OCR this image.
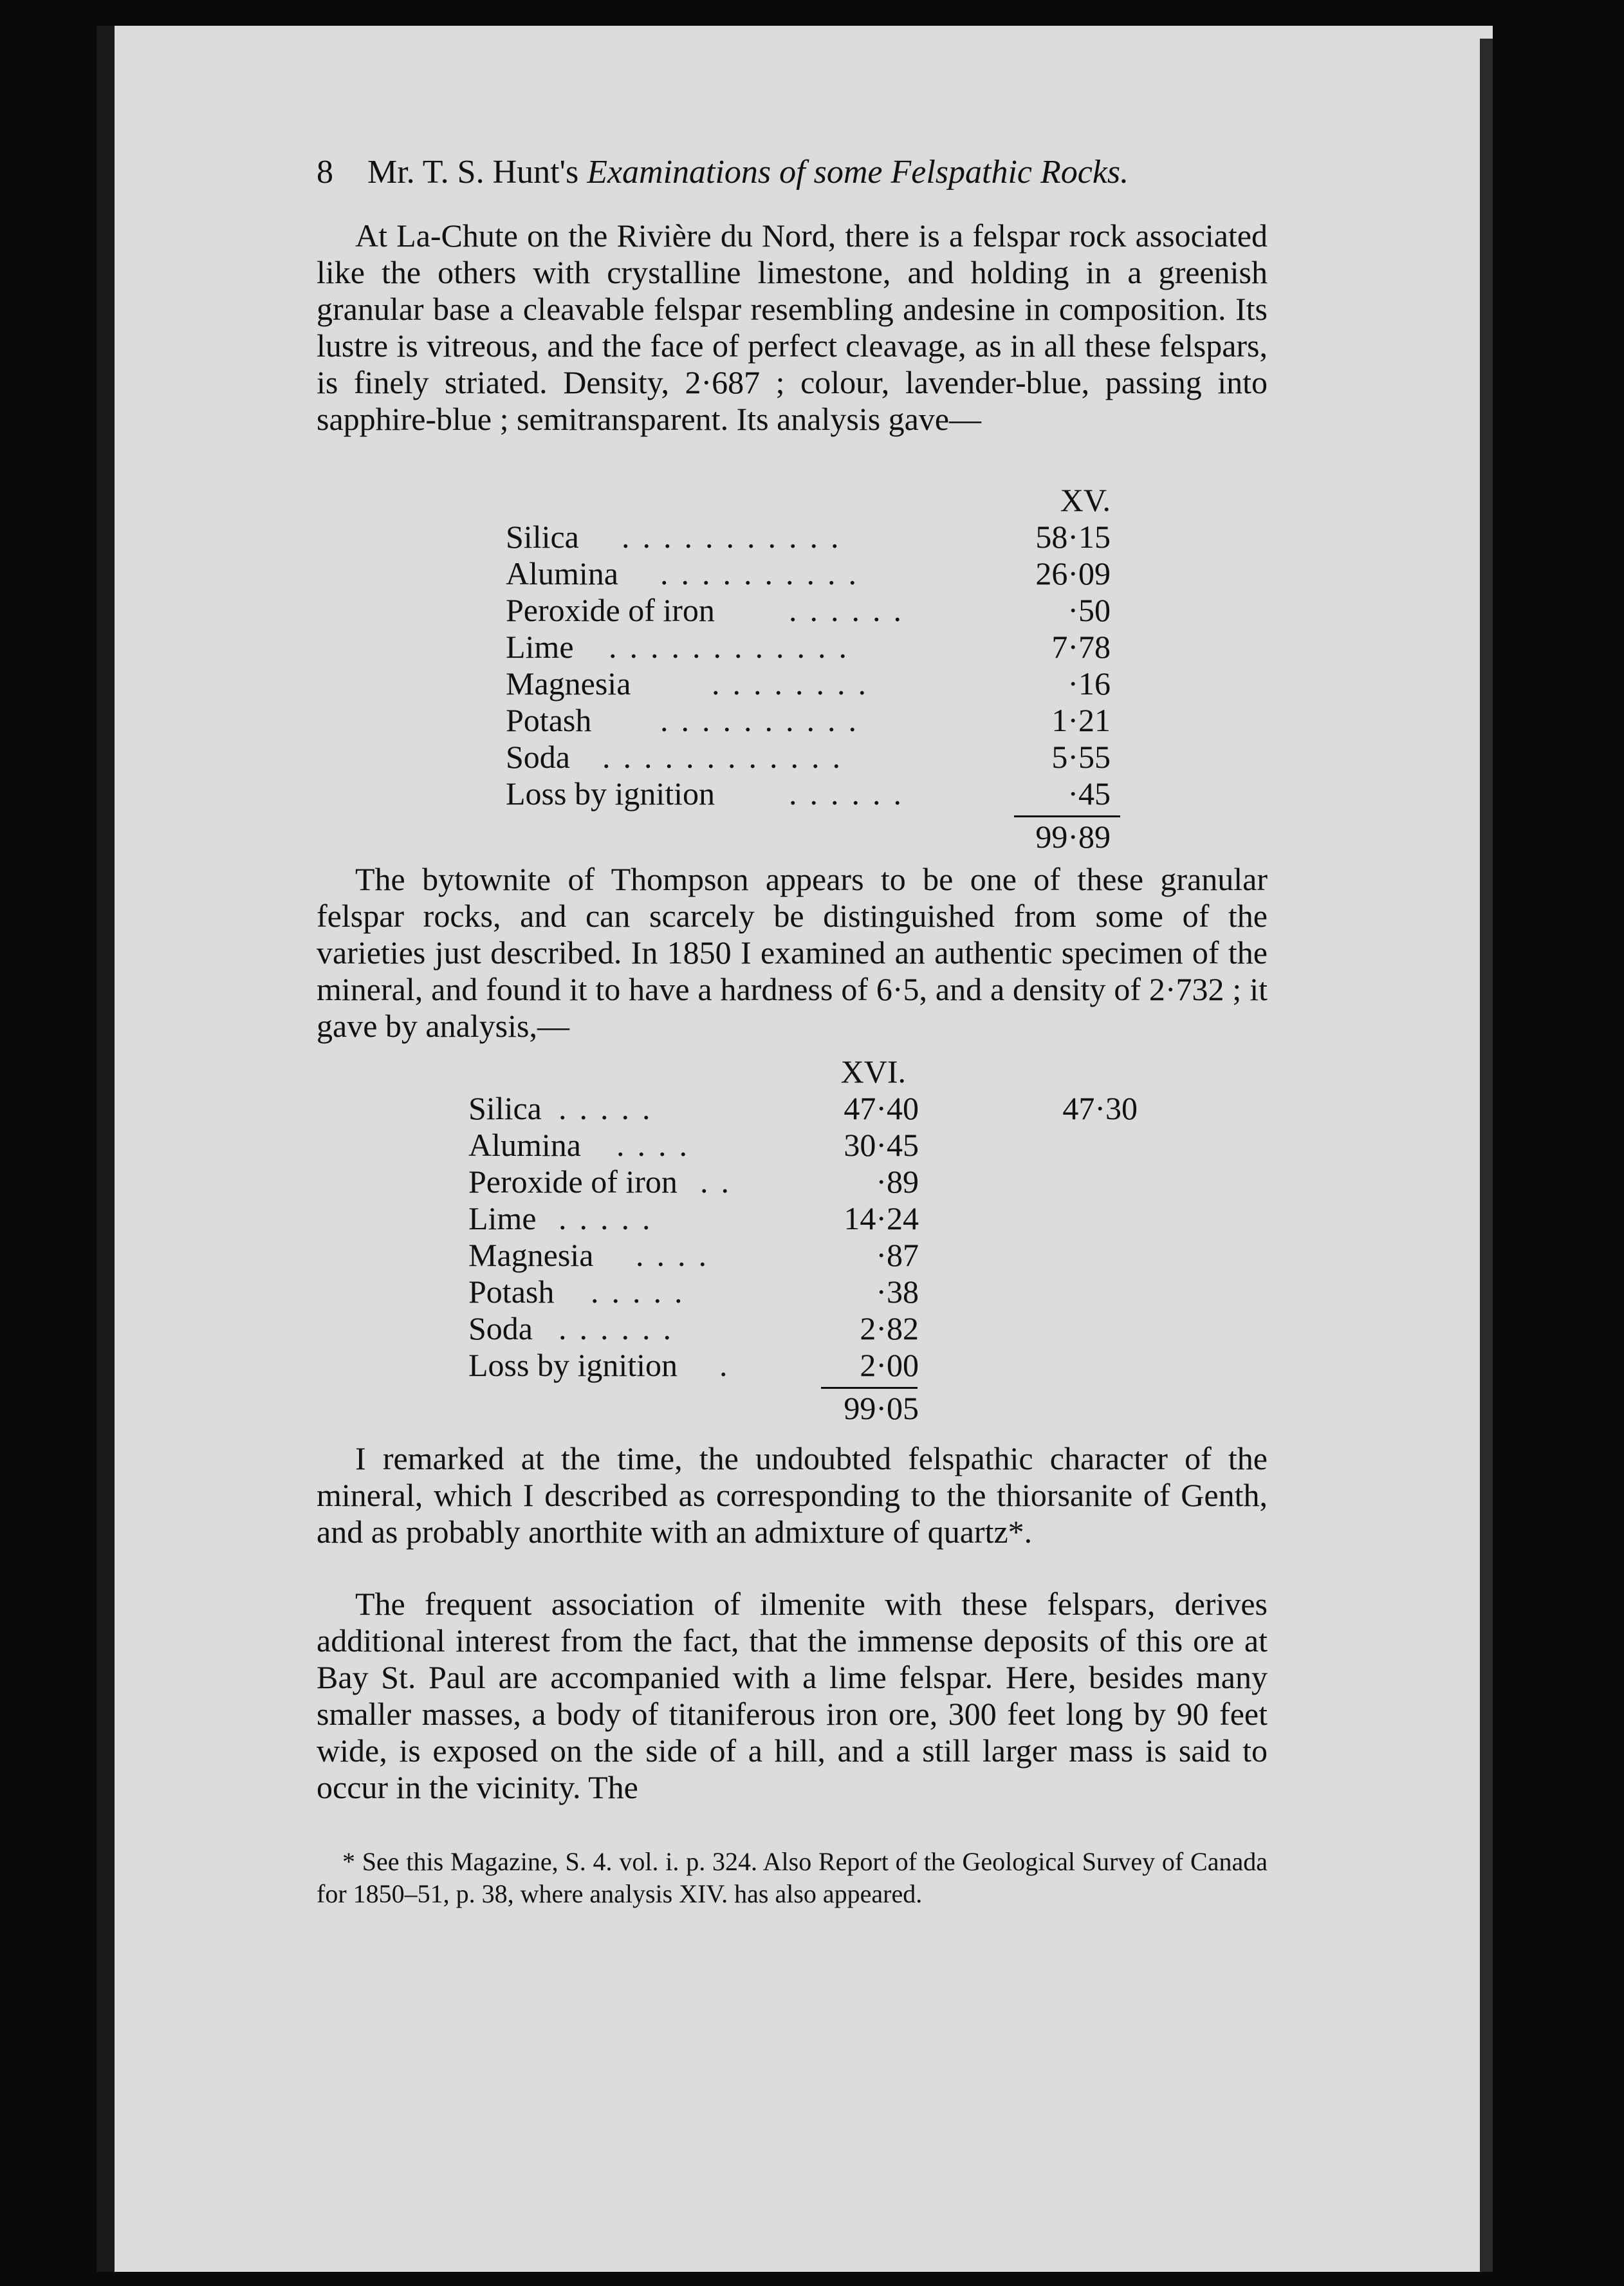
8 Mr. T. S. Hunt's Examinations of some Felspathic Rocks.

At La-Chute on the Rivière du Nord, there is a felspar rock associated like the others with crystalline limestone, and holding in a greenish granular base a cleavable felspar resembling andesine in composition. Its lustre is vitreous, and the face of perfect cleavage, as in all these felspars, is finely striated. Density, 2·687 ; colour, lavender-blue, passing into sapphire-blue ; semitransparent. Its analysis gave—

XV.
Silica ...........	58·15
Alumina ..........	26·09
Peroxide of iron ......	·50
Lime ............	7·78
Magnesia	........	·16
Potash ..........	1·21
Soda ............	5·55
Loss by ignition ......	·45
99·89

The bytownite of Thompson appears to be one of these granular felspar rocks, and can scarcely be distinguished from some of the varieties just described. In 1850 I examined an authentic specimen of the mineral, and found it to have a hardness of 6·5, and a density of 2·732 ; it gave by analysis,—

XVI.
Silica .....	47·40	47·30
Alumina ....	30·45
Peroxide of iron ..	·89
Lime .....	14·24
Magnesia ....	·87
Potash .....	·38
Soda ......	2·82
Loss by ignition .	2·00
99·05

I remarked at the time, the undoubted felspathic character of the mineral, which I described as corresponding to the thiorsanite of Genth, and as probably anorthite with an admixture of quartz*.

The frequent association of ilmenite with these felspars, derives additional interest from the fact, that the immense deposits of this ore at Bay St. Paul are accompanied with a lime felspar. Here, besides many smaller masses, a body of titaniferous iron ore, 300 feet long by 90 feet wide, is exposed on the side of a hill, and a still larger mass is said to occur in the vicinity. The

* See this Magazine, S. 4. vol. i. p. 324. Also Report of the Geological Survey of Canada for 1850–51, p. 38, where analysis XIV. has also appeared.
